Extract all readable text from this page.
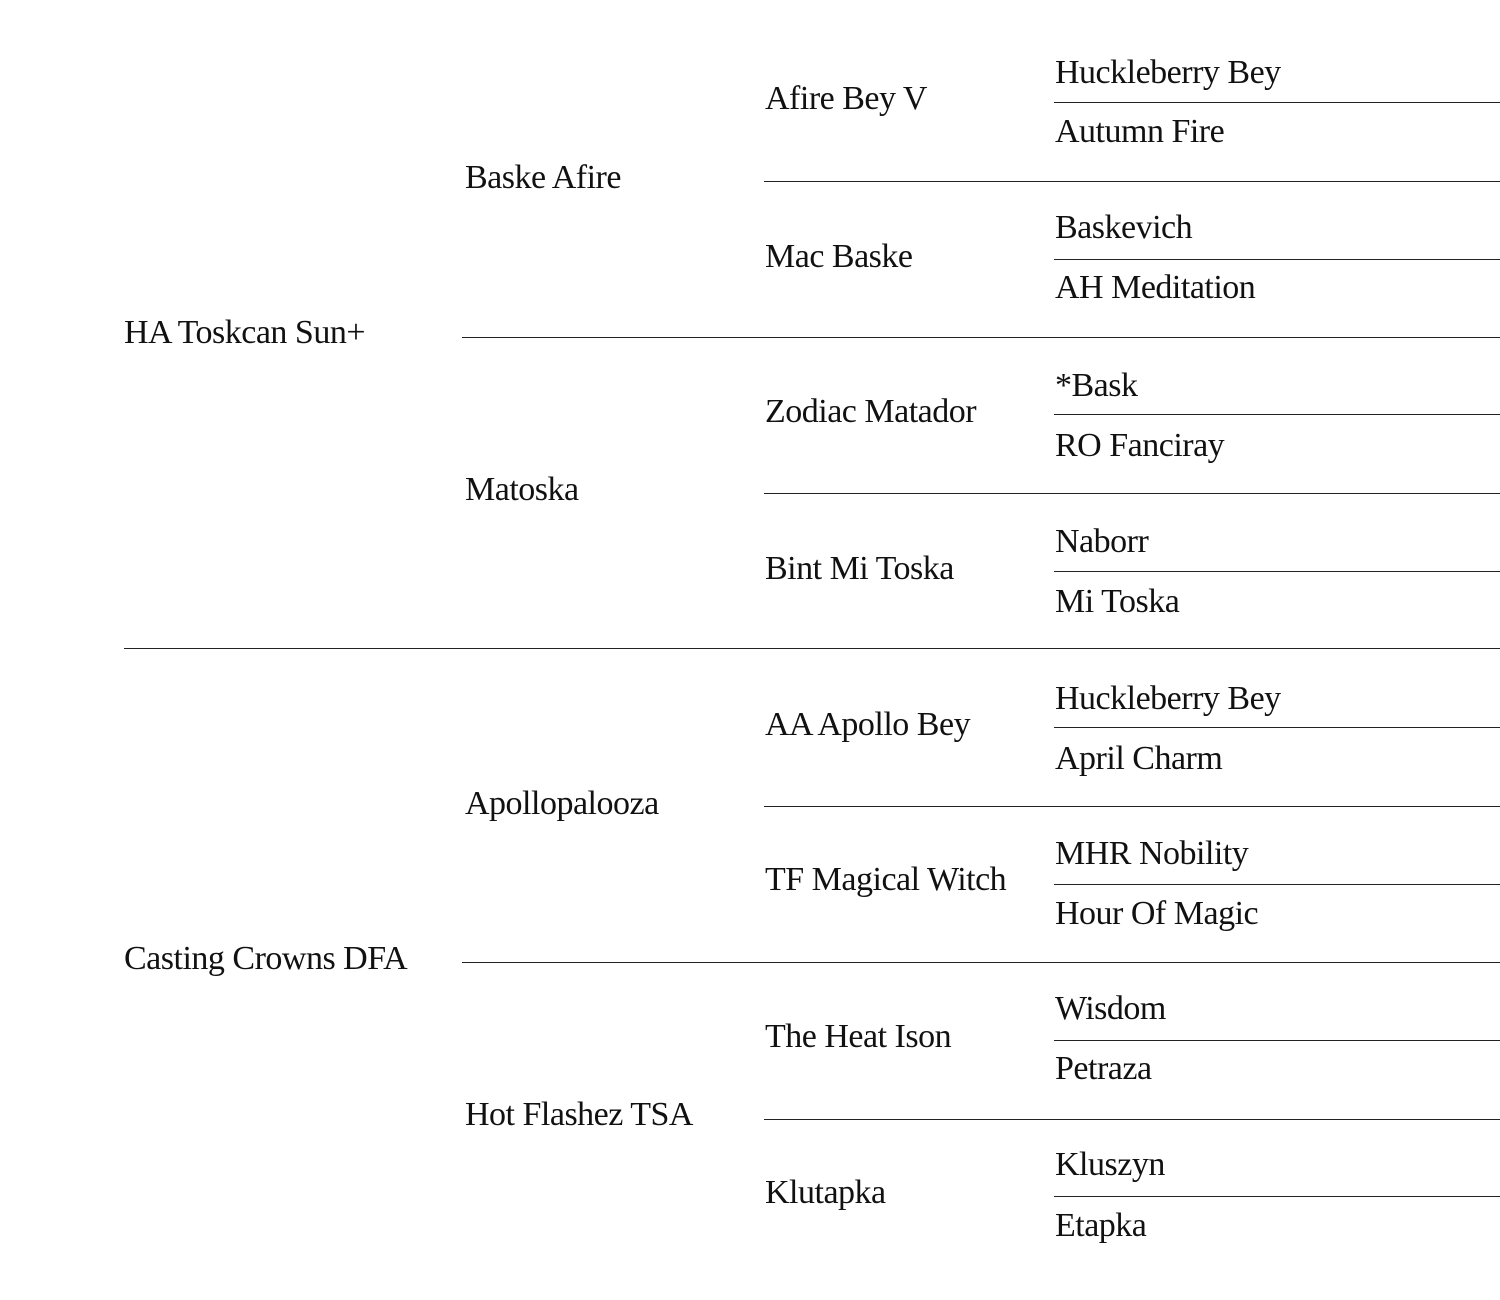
HA Toskcan Sun+
Casting Crowns DFA
Baske Afire
Matoska
Apollopalooza
Hot Flashez TSA
Afire Bey V
Mac Baske
Zodiac Matador
Bint Mi Toska
AA Apollo Bey
TF Magical Witch
The Heat Ison
Klutapka
Huckleberry Bey
Autumn Fire
Baskevich
AH Meditation
*Bask
RO Fanciray
Naborr
Mi Toska
Huckleberry Bey
April Charm
MHR Nobility
Hour Of Magic
Wisdom
Petraza
Kluszyn
Etapka
